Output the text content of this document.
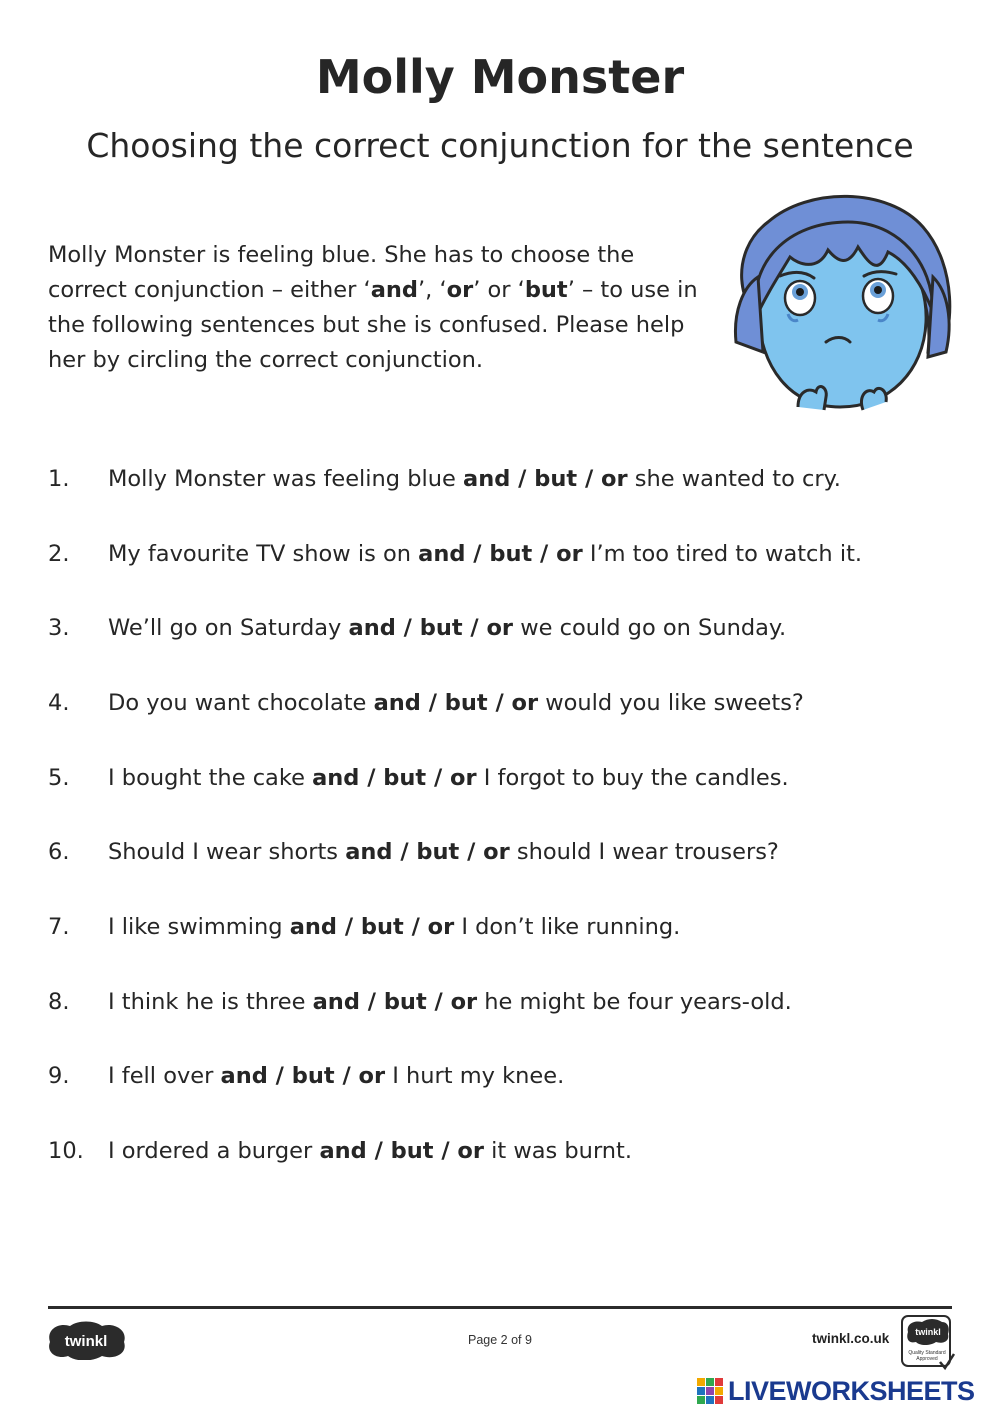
Molly Monster
Choosing the correct conjunction for the sentence
Molly Monster is feeling blue. She has to choose the correct conjunction – either ‘and’, ‘or’ or ‘but’ – to use in the following sentences but she is confused. Please help her by circling the correct conjunction.
1.	Molly Monster was feeling blue and / but / or she wanted to cry.
2.	My favourite TV show is on and / but / or I’m too tired to watch it.
3.	We’ll go on Saturday and / but / or we could go on Sunday.
4.	Do you want chocolate and / but / or would you like sweets?
5.	I bought the cake and / but / or I forgot to buy the candles.
6.	Should I wear shorts and / but / or should I wear trousers?
7.	I like swimming and / but / or I don’t like running.
8.	I think he is three and / but / or he might be four years-old.
9.	I fell over and / but / or I hurt my knee.
10.	I ordered a burger and / but / or it was burnt.
twinkl	Page 2 of 9	twinkl.co.uk	twinkl
Quality Standard
Approved
LIVEWORKSHEETS
